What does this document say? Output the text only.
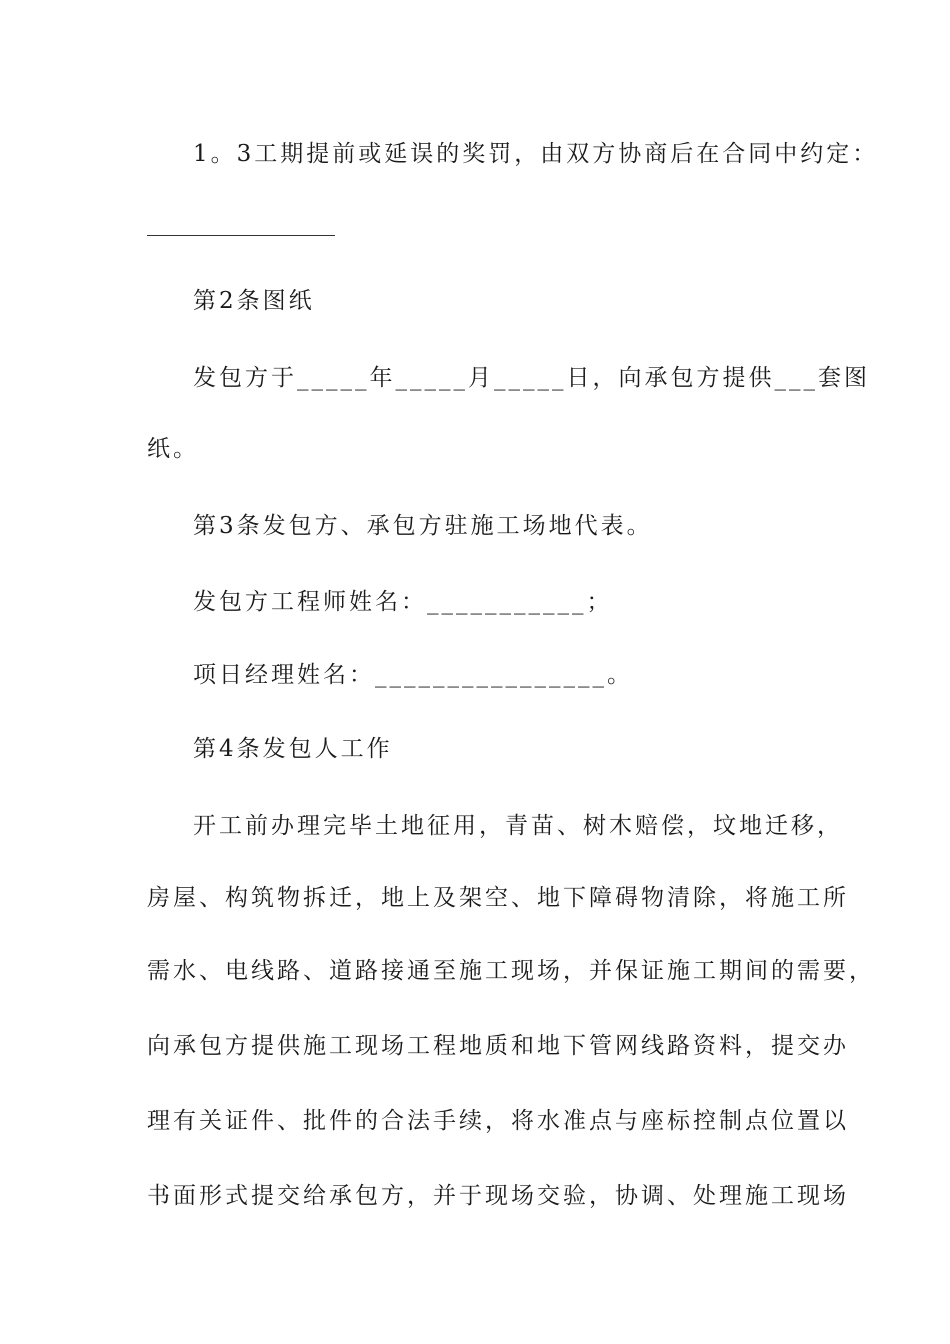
1。3工期提前或延误的奖罚，由双方协商后在合同中约定：
第2条图纸
发包方于_____年_____月_____日，向承包方提供___套图
纸。
第3条发包方、承包方驻施工场地代表。
发包方工程师姓名：___________；
项日经理姓名：________________。
第4条发包人工作
开工前办理完毕土地征用，青苗、树木赔偿，坟地迁移，
房屋、构筑物拆迁，地上及架空、地下障碍物清除，将施工所
需水、电线路、道路接通至施工现场，并保证施工期间的需要，
向承包方提供施工现场工程地质和地下管网线路资料，提交办
理有关证件、批件的合法手续，将水准点与座标控制点位置以
书面形式提交给承包方，并于现场交验，协调、处理施工现场
